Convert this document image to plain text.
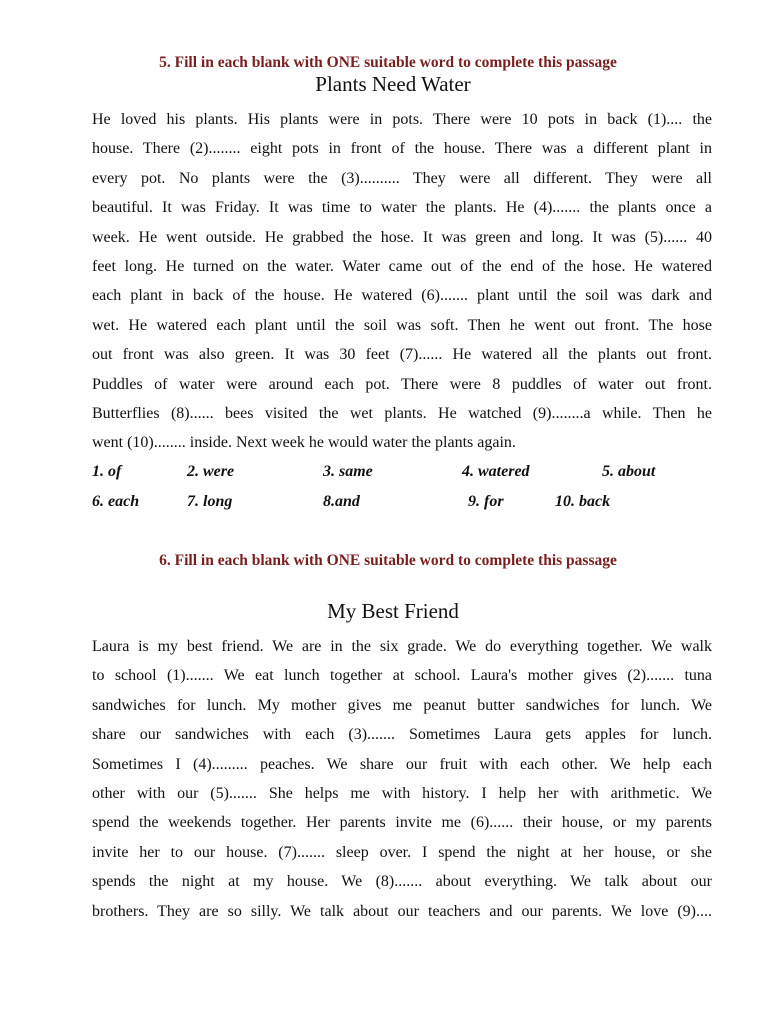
5. Fill in each blank with ONE suitable word to complete this passage
Plants Need Water
He loved his plants. His plants were in pots. There were 10 pots in back (1).... the
house. There (2)........ eight pots in front of the house. There was a different plant in
every pot. No plants were the (3).......... They were all different. They were all
beautiful. It was Friday. It was time to water the plants. He (4)....... the plants once a
week. He went outside. He grabbed the hose. It was green and long. It was (5)...... 40
feet long. He turned on the water. Water came out of the end of the hose. He watered
each plant in back of the house. He watered (6)....... plant until the soil was dark and
wet. He watered each plant until the soil was soft. Then he went out front. The hose
out front was also green. It was 30 feet (7)...... He watered all the plants out front.
Puddles of water were around each pot. There were 8 puddles of water out front.
Butterflies (8)...... bees visited the wet plants. He watched (9)........a while. Then he
went (10)........ inside. Next week he would water the plants again.
1. of	2. were	3. same	4. watered	5. about
6. each	7. long	8.and	9. for	10. back
6. Fill in each blank with ONE suitable word to complete this passage
My Best Friend
Laura is my best friend. We are in the six grade. We do everything together. We walk
to school (1)....... We eat lunch together at school. Laura's mother gives (2)....... tuna
sandwiches for lunch. My mother gives me peanut butter sandwiches for lunch. We
share our sandwiches with each (3)....... Sometimes Laura gets apples for lunch.
Sometimes I (4)......... peaches. We share our fruit with each other. We help each
other with our (5)....... She helps me with history. I help her with arithmetic. We
spend the weekends together. Her parents invite me (6)...... their house, or my parents
invite her to our house. (7)....... sleep over. I spend the night at her house, or she
spends the night at my house. We (8)....... about everything. We talk about our
brothers. They are so silly. We talk about our teachers and our parents. We love (9)....
